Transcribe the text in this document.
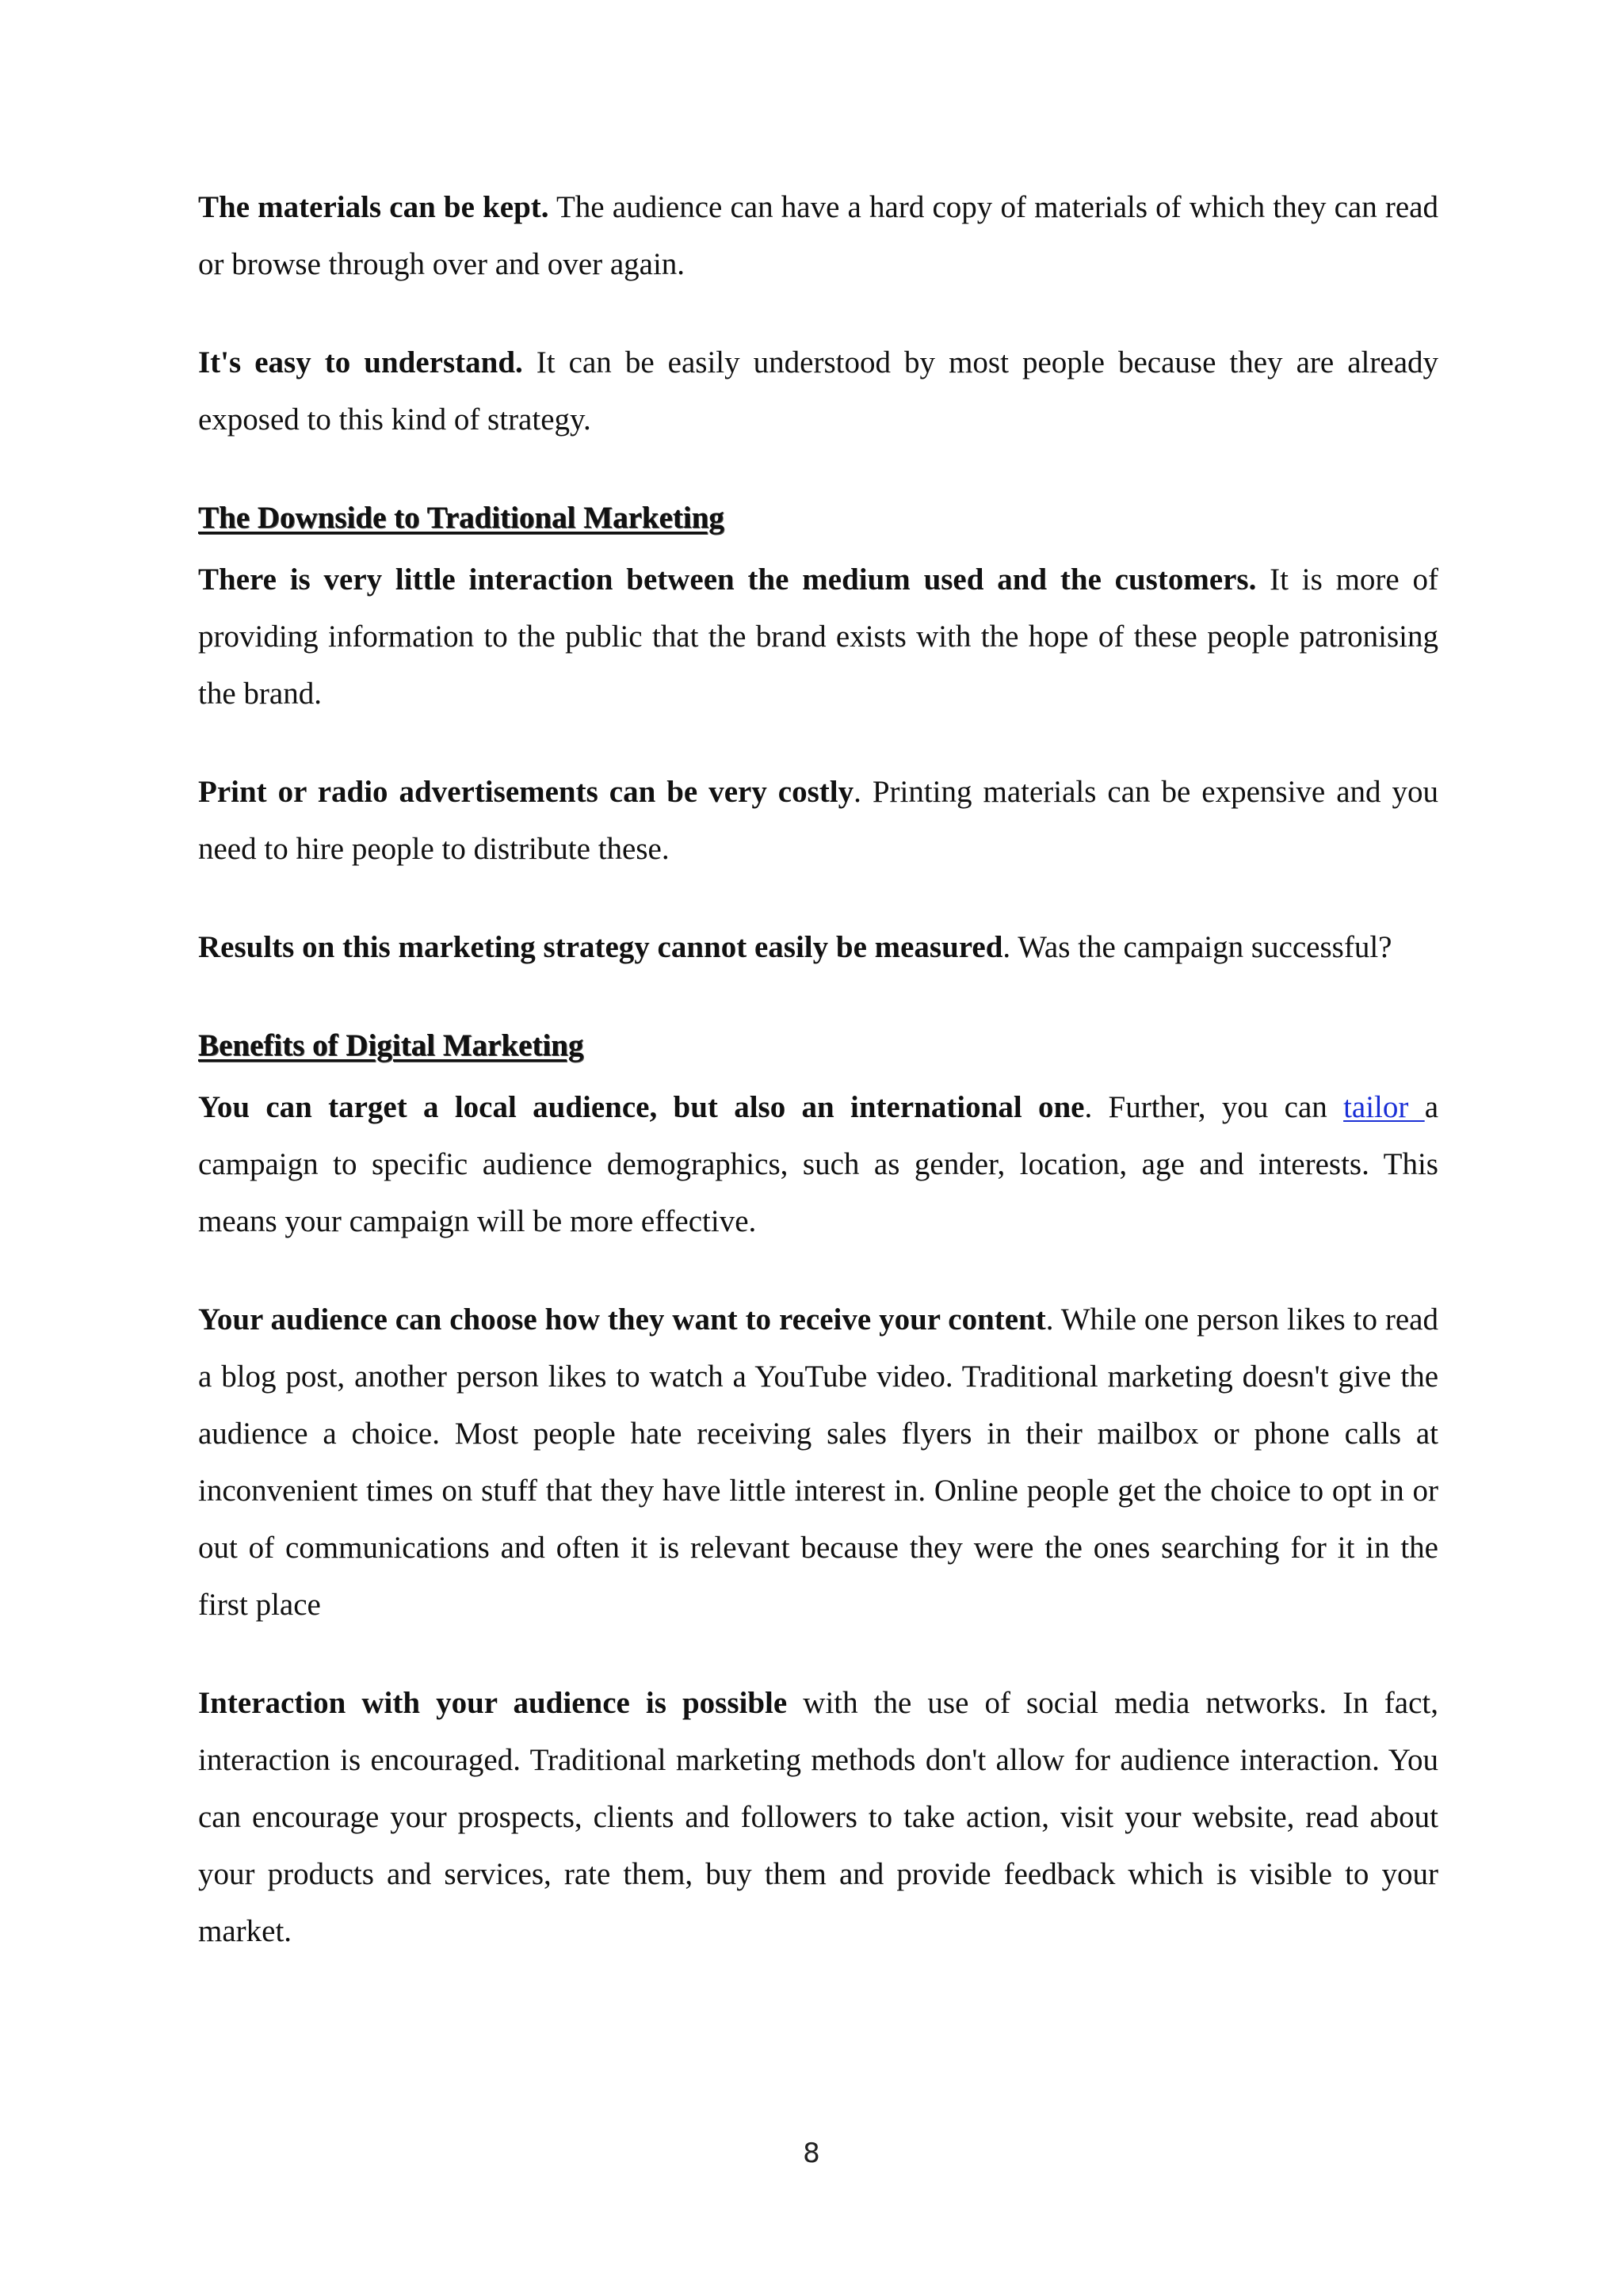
The materials can be kept. The audience can have a hard copy of materials of which they can read or browse through over and over again.

It's easy to understand. It can be easily understood by most people because they are already exposed to this kind of strategy.

The Downside to Traditional Marketing

There is very little interaction between the medium used and the customers. It is more of providing information to the public that the brand exists with the hope of these people patronising the brand.

Print or radio advertisements can be very costly. Printing materials can be expensive and you need to hire people to distribute these.

Results on this marketing strategy cannot easily be measured. Was the campaign successful?

Benefits of Digital Marketing

You can target a local audience, but also an international one. Further, you can tailor a campaign to specific audience demographics, such as gender, location, age and interests. This means your campaign will be more effective.

Your audience can choose how they want to receive your content. While one person likes to read a blog post, another person likes to watch a YouTube video. Traditional marketing doesn't give the audience a choice. Most people hate receiving sales flyers in their mailbox or phone calls at inconvenient times on stuff that they have little interest in. Online people get the choice to opt in or out of communications and often it is relevant because they were the ones searching for it in the first place

Interaction with your audience is possible with the use of social media networks. In fact, interaction is encouraged. Traditional marketing methods don't allow for audience interaction. You can encourage your prospects, clients and followers to take action, visit your website, read about your products and services, rate them, buy them and provide feedback which is visible to your market.

8
